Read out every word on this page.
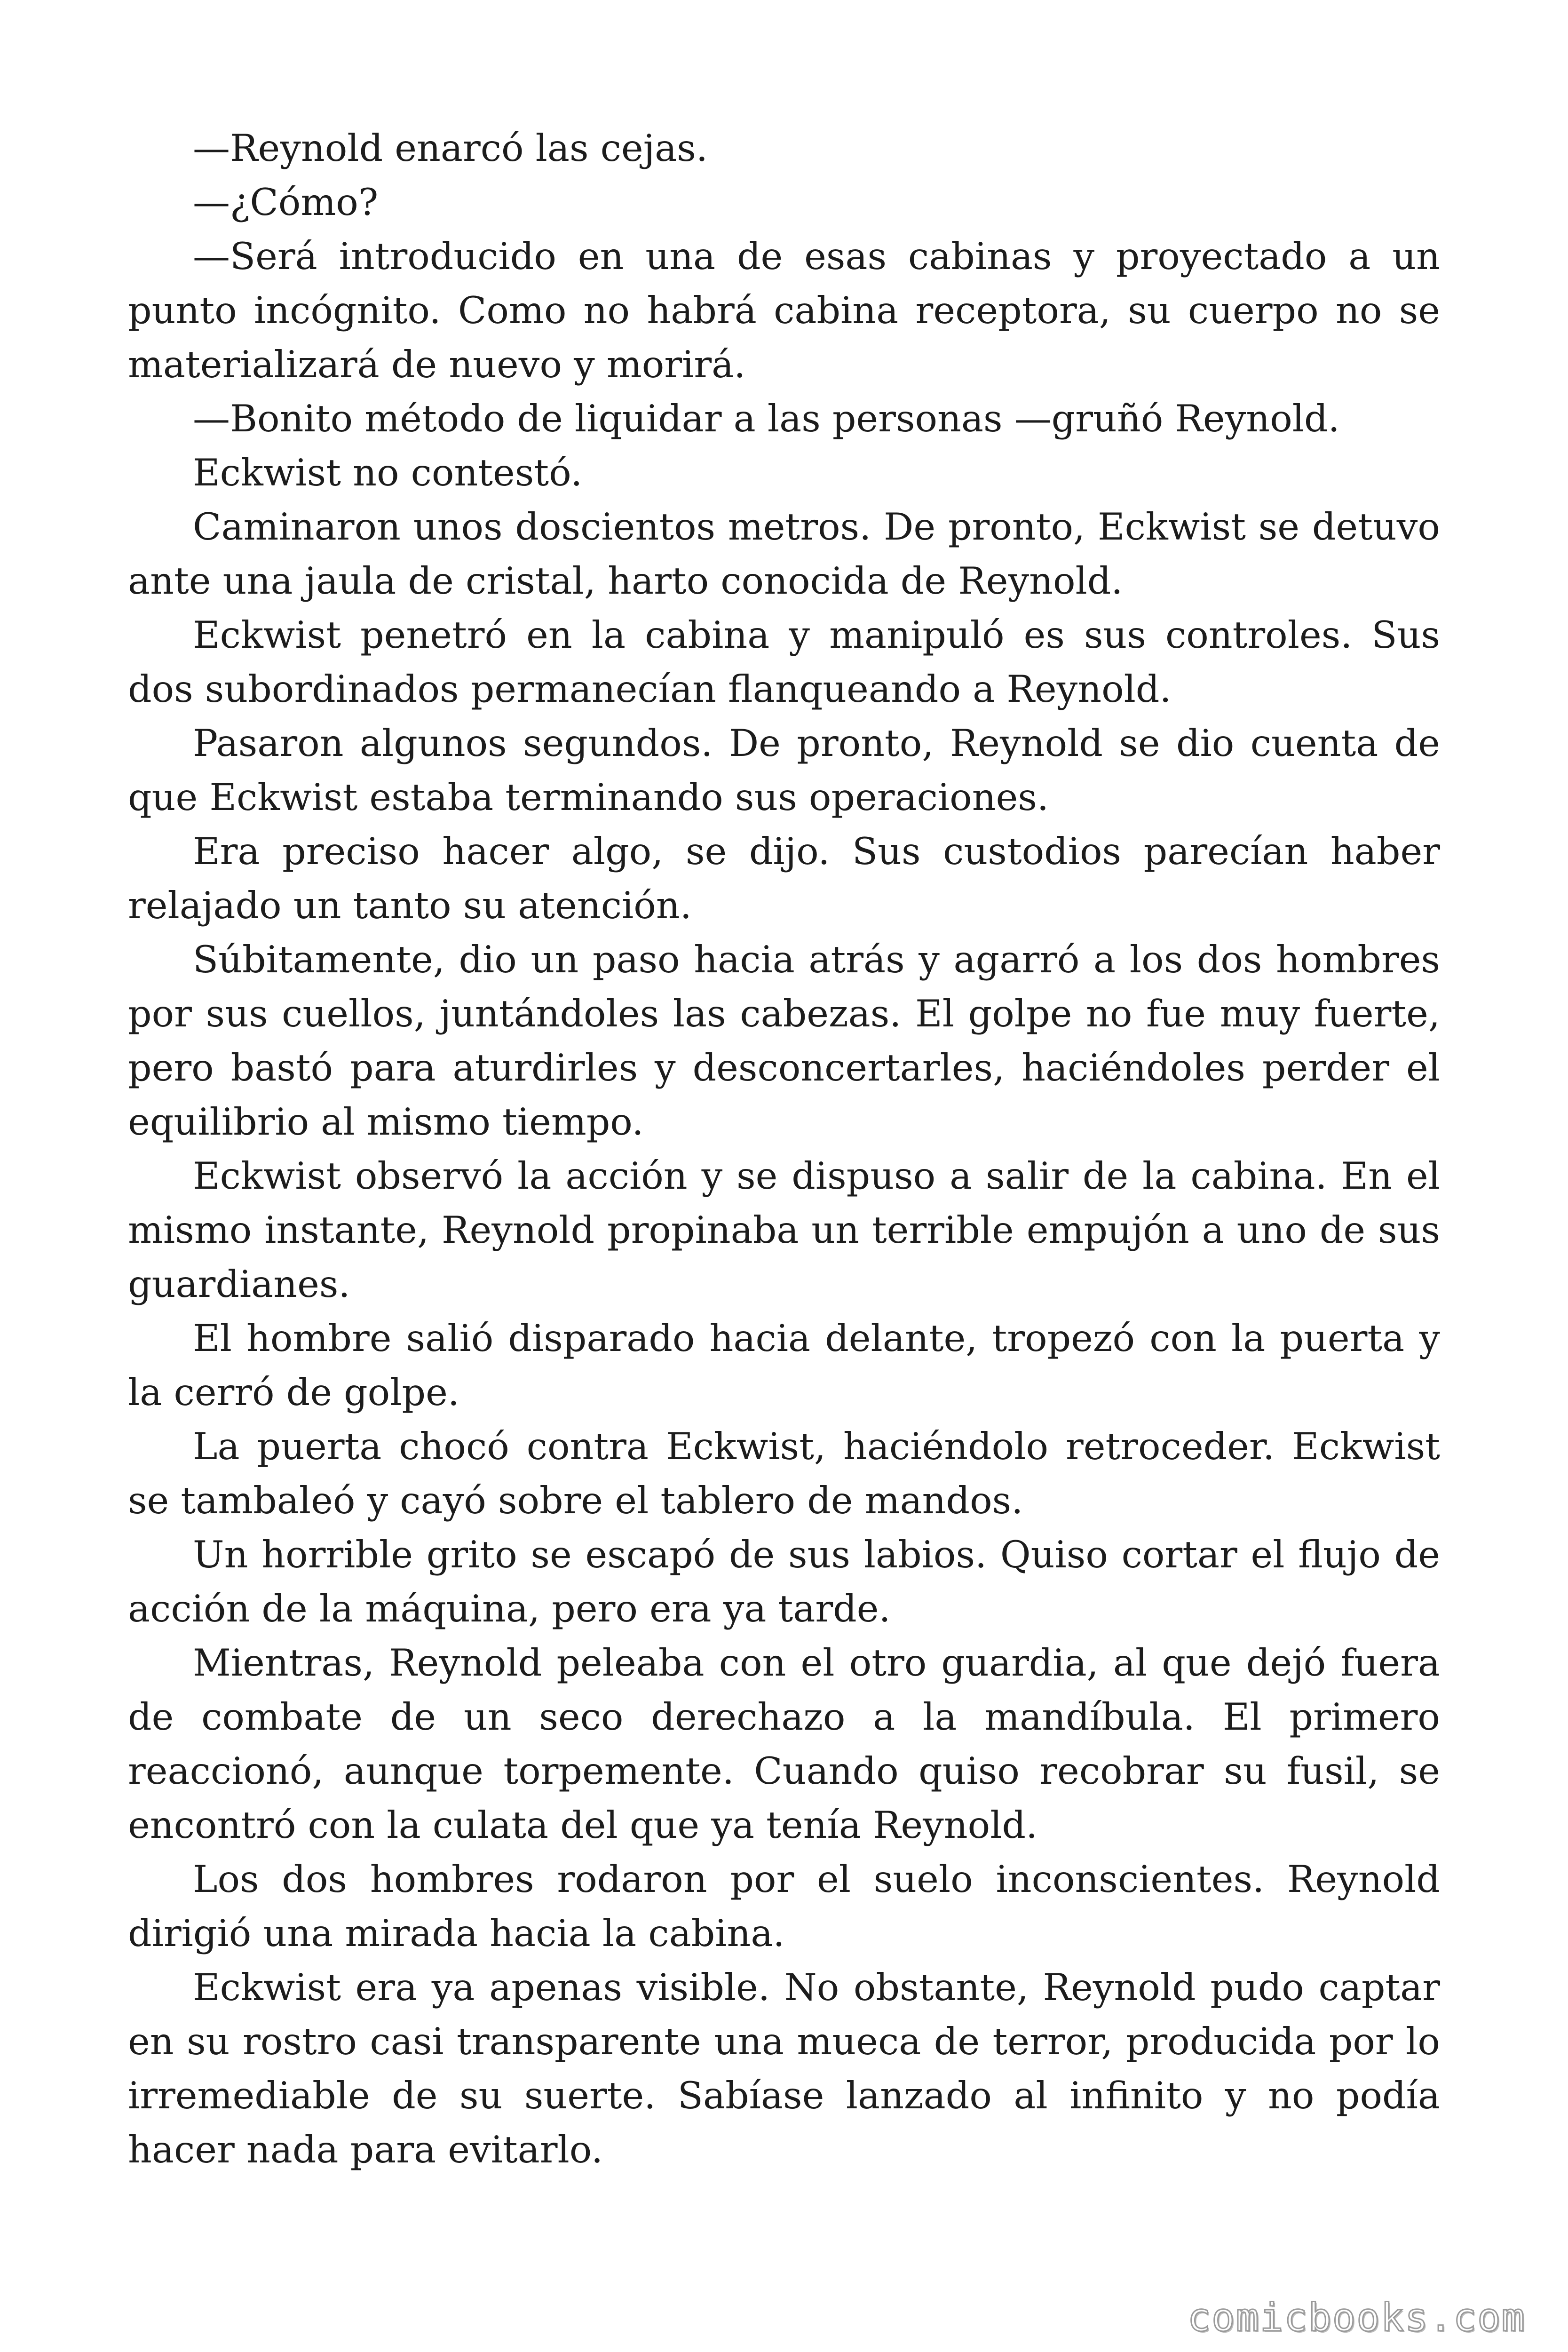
—Reynold enarcó las cejas.

—¿Cómo?

—Será introducido en una de esas cabinas y proyectado a un punto incógnito. Como no habrá cabina receptora, su cuerpo no se materializará de nuevo y morirá.

—Bonito método de liquidar a las personas —gruñó Reynold.

Eckwist no contestó.

Caminaron unos doscientos metros. De pronto, Eckwist se detuvo ante una jaula de cristal, harto conocida de Reynold.

Eckwist penetró en la cabina y manipuló es sus controles. Sus dos subordinados permanecían flanqueando a Reynold.

Pasaron algunos segundos. De pronto, Reynold se dio cuenta de que Eckwist estaba terminando sus operaciones.

Era preciso hacer algo, se dijo. Sus custodios parecían haber relajado un tanto su atención.

Súbitamente, dio un paso hacia atrás y agarró a los dos hombres por sus cuellos, juntándoles las cabezas. El golpe no fue muy fuerte, pero bastó para aturdirles y desconcertarles, haciéndoles perder el equilibrio al mismo tiempo.

Eckwist observó la acción y se dispuso a salir de la cabina. En el mismo instante, Reynold propinaba un terrible empujón a uno de sus guardianes.

El hombre salió disparado hacia delante, tropezó con la puerta y la cerró de golpe.

La puerta chocó contra Eckwist, haciéndolo retroceder. Eckwist se tambaleó y cayó sobre el tablero de mandos.

Un horrible grito se escapó de sus labios. Quiso cortar el flujo de acción de la máquina, pero era ya tarde.

Mientras, Reynold peleaba con el otro guardia, al que dejó fuera de combate de un seco derechazo a la mandíbula. El primero reaccionó, aunque torpemente. Cuando quiso recobrar su fusil, se encontró con la culata del que ya tenía Reynold.

Los dos hombres rodaron por el suelo inconscientes. Reynold dirigió una mirada hacia la cabina.

Eckwist era ya apenas visible. No obstante, Reynold pudo captar en su rostro casi transparente una mueca de terror, producida por lo irremediable de su suerte. Sabíase lanzado al infinito y no podía hacer nada para evitarlo.

comicbooks.com
